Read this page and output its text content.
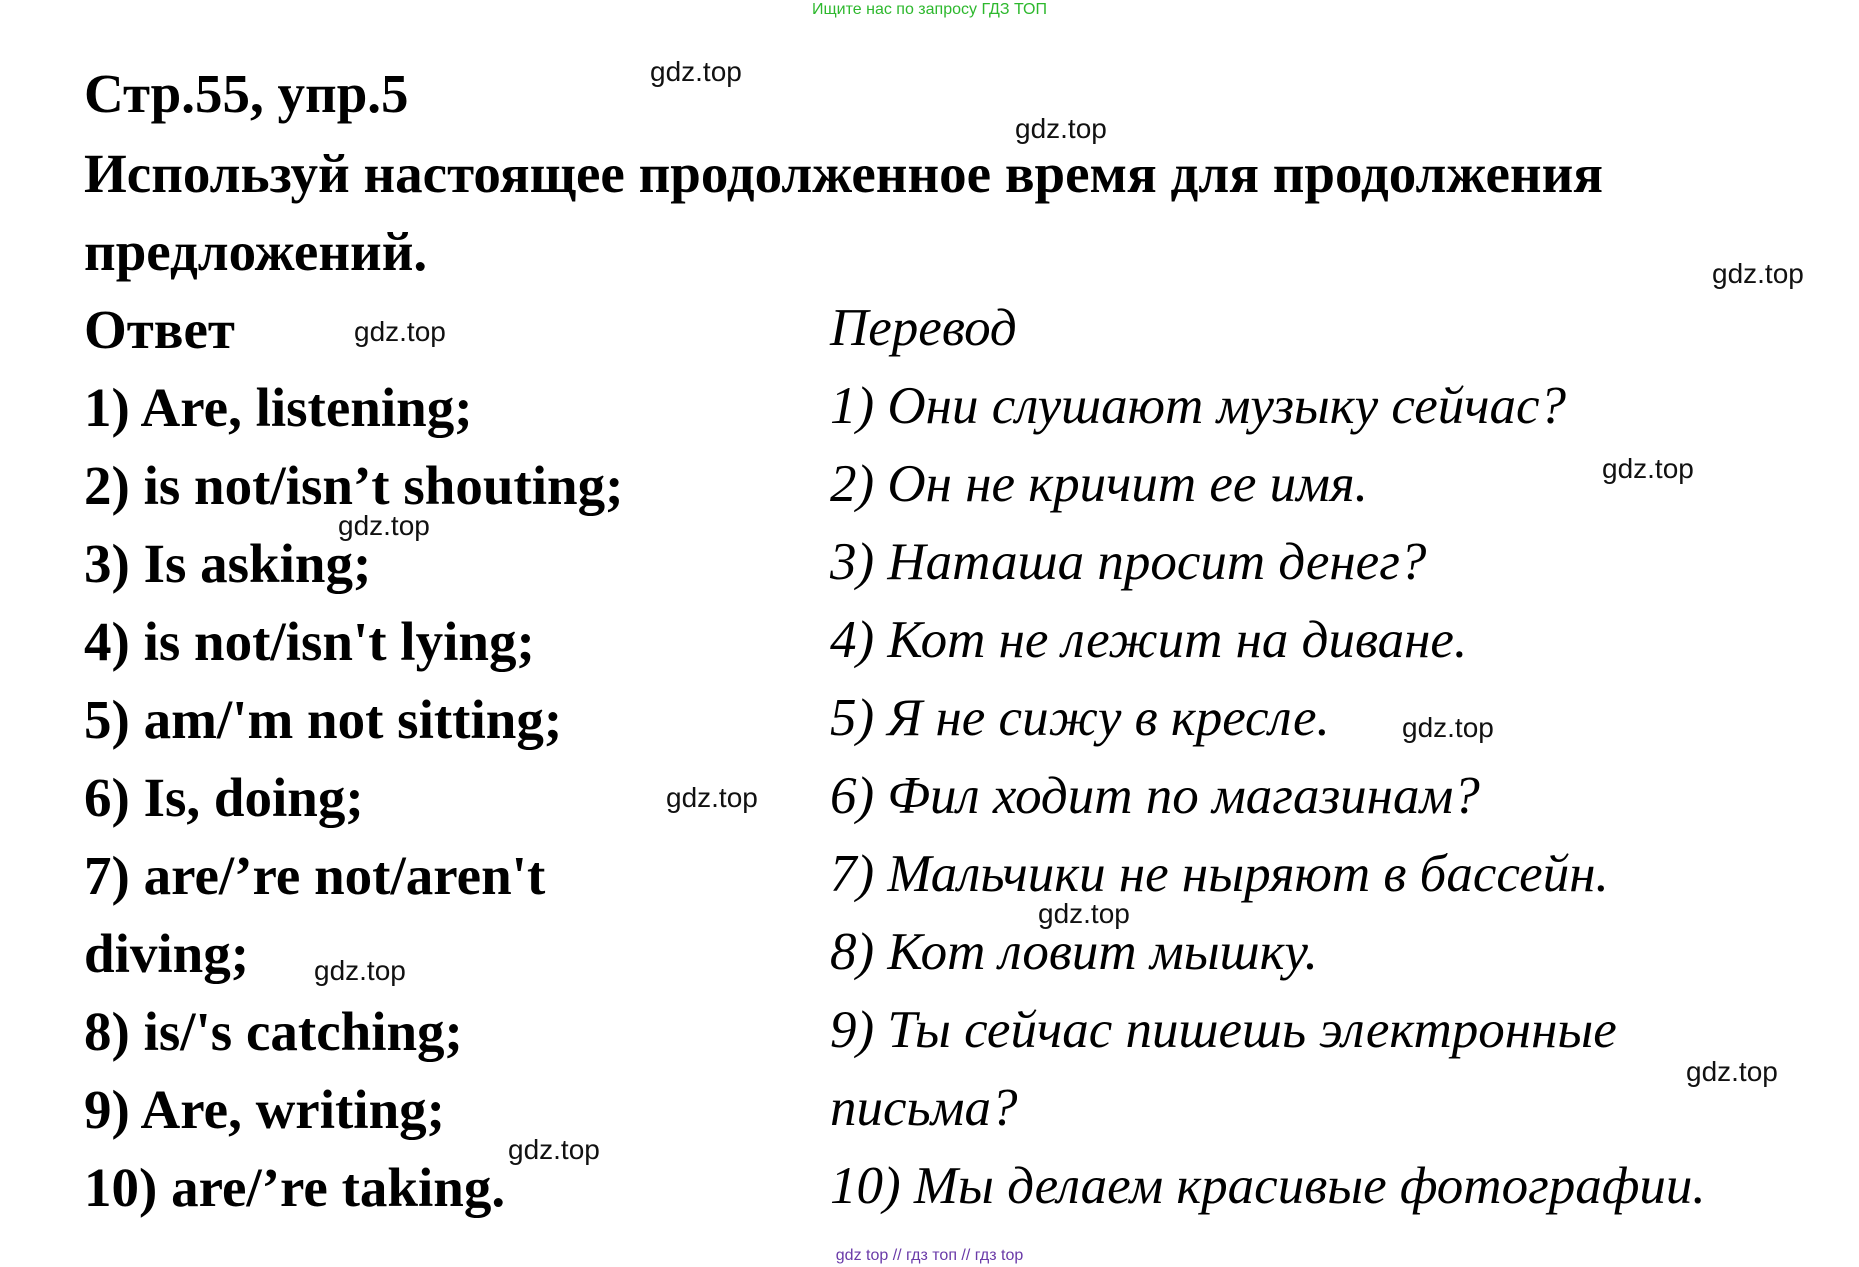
Ищите нас по запросу ГДЗ ТОП
Стр.55, упр.5
Используй настоящее продолженное время для продолжения
предложений.
Ответ	Перевод
1) Are, listening;
2) is not/isn’t shouting;
3) Is asking;
4) is not/isn't lying;
5) am/'m not sitting;
6) Is, doing;
7) are/’re not/aren't
diving;
8) is/'s catching;
9) Are, writing;
10) are/’re taking.
1) Они слушают музыку сейчас?
2) Он не кричит ее имя.
3) Наташа просит денег?
4) Кот не лежит на диване.
5) Я не сижу в кресле.
6) Фил ходит по магазинам?
7) Мальчики не ныряют в бассейн.
8) Кот ловит мышку.
9) Ты сейчас пишешь электронные
письма?
10) Мы делаем красивые фотографии.
gdz.top
gdz.top
gdz.top
gdz.top
gdz.top
gdz.top
gdz.top
gdz.top
gdz.top
gdz.top
gdz.top
gdz.top
gdz top // гдз топ // гдз top
